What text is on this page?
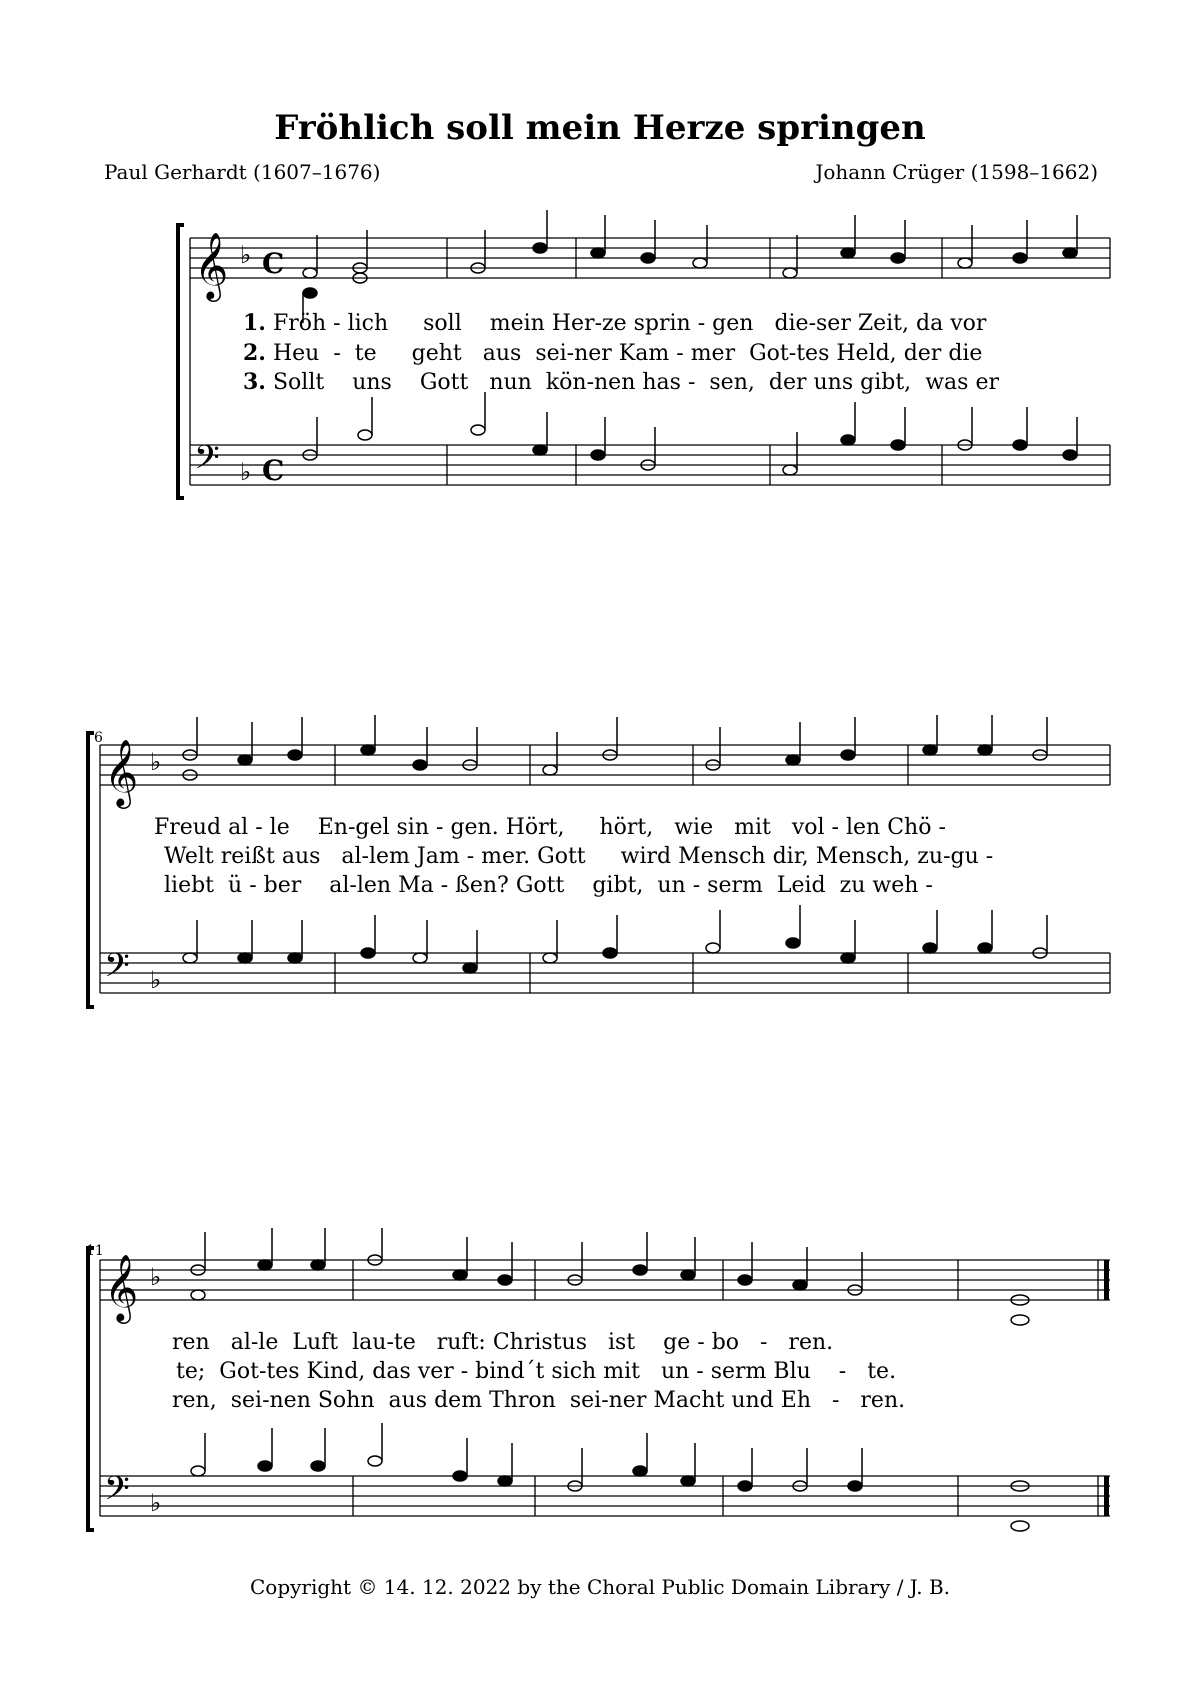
Fröhlich soll mein Herze springen
Paul Gerhardt (1607–1676)	Johann Crüger (1598–1662)
𝄞
𝄢
♭
♭
C
C
1. Fröh - lich soll mein Her-ze sprin - gen die-ser Zeit, da vor
2. Heu - te geht aus sei-ner Kam - mer Got-tes Held, der die
3. Sollt uns Gott nun kön-nen has - sen, der uns gibt, was er
6 𝄞
𝄢
♭
♭
Freud al - le En-gel sin - gen. Hört, hört, wie mit vol - len Chö -
Welt reißt aus al-lem Jam - mer. Gott wird Mensch dir, Mensch, zu-gu -
liebt ü - ber al-len Ma - ßen? Gott gibt, un - serm Leid zu weh -
11
𝄞
𝄢
♭
♭
ren al-le Luft lau-te ruft: Christus ist ge - bo - ren.
te; Got-tes Kind, das ver - bind´t sich mit un - serm Blu - te.
ren, sei-nen Sohn aus dem Thron sei-ner Macht und Eh - ren.
Copyright © 14. 12. 2022 by the Choral Public Domain Library / J. B.
